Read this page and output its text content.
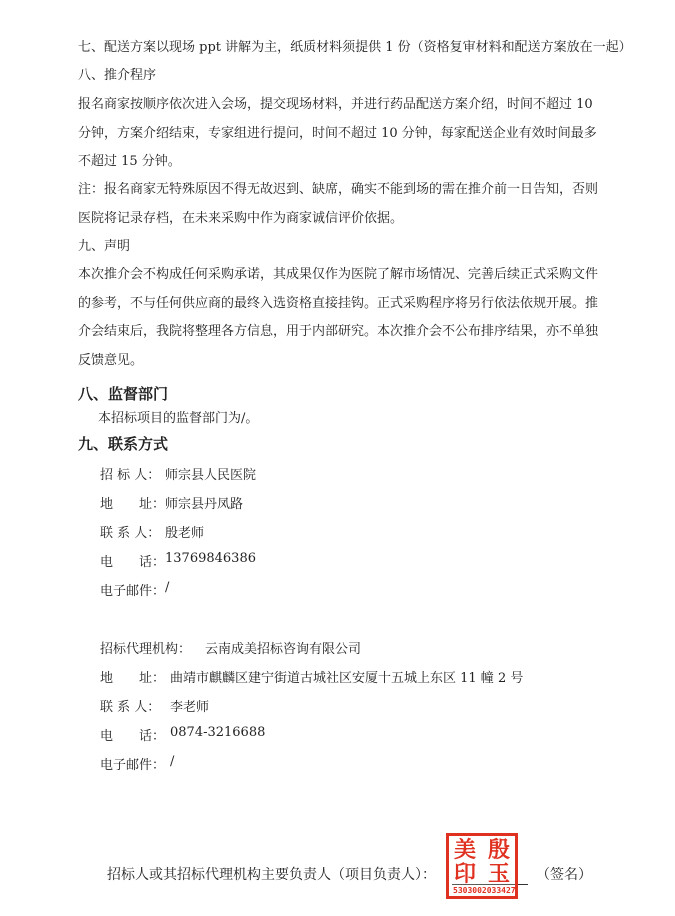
七、配送方案以现场 ppt 讲解为主，纸质材料须提供 1 份（资格复审材料和配送方案放在一起）
八、推介程序
报名商家按顺序依次进入会场，提交现场材料，并进行药品配送方案介绍，时间不超过 10
分钟，方案介绍结束，专家组进行提问，时间不超过 10 分钟，每家配送企业有效时间最多
不超过 15 分钟。
注：报名商家无特殊原因不得无故迟到、缺席，确实不能到场的需在推介前一日告知，否则
医院将记录存档，在未来采购中作为商家诚信评价依据。
九、声明
本次推介会不构成任何采购承诺，其成果仅作为医院了解市场情况、完善后续正式采购文件
的参考，不与任何供应商的最终入选资格直接挂钩。正式采购程序将另行依法依规开展。推
介会结束后，我院将整理各方信息，用于内部研究。本次推介会不公布排序结果，亦不单独
反馈意见。
八、监督部门
本招标项目的监督部门为/。
九、联系方式
招 标 人： 师宗县人民医院
地　　址： 师宗县丹凤路
联 系 人： 殷老师
电　　话： 13769846386
电子邮件： /
招标代理机构： 云南成美招标咨询有限公司
地　　址： 曲靖市麒麟区建宁街道古城社区安厦十五城上东区 11 幢 2 号
联 系 人： 李老师
电　　话： 0874-3216688
电子邮件： /
招标人或其招标代理机构主要负责人（项目负责人）：	（签名）
美 殷
印 玉
5303002033427
